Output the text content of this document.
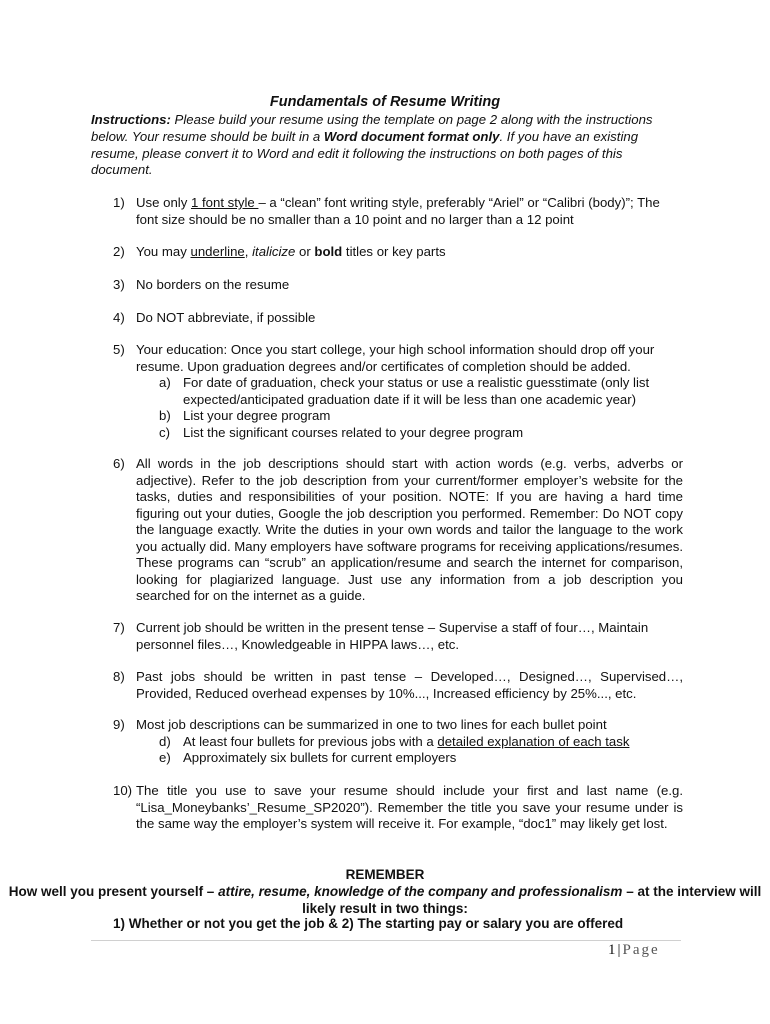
Fundamentals of Resume Writing
Instructions: Please build your resume using the template on page 2 along with the instructions below. Your resume should be built in a Word document format only. If you have an existing resume, please convert it to Word and edit it following the instructions on both pages of this document.
1) Use only 1 font style – a “clean” font writing style, preferably “Ariel” or “Calibri (body)”; The font size should be no smaller than a 10 point and no larger than a 12 point
2) You may underline, italicize or bold titles or key parts
3) No borders on the resume
4) Do NOT abbreviate, if possible
5) Your education: Once you start college, your high school information should drop off your resume. Upon graduation degrees and/or certificates of completion should be added.
a) For date of graduation, check your status or use a realistic guesstimate (only list expected/anticipated graduation date if it will be less than one academic year)
b) List your degree program
c) List the significant courses related to your degree program
6) All words in the job descriptions should start with action words (e.g. verbs, adverbs or adjective). Refer to the job description from your current/former employer’s website for the tasks, duties and responsibilities of your position. NOTE: If you are having a hard time figuring out your duties, Google the job description you performed. Remember: Do NOT copy the language exactly. Write the duties in your own words and tailor the language to the work you actually did. Many employers have software programs for receiving applications/resumes. These programs can “scrub” an application/resume and search the internet for comparison, looking for plagiarized language. Just use any information from a job description you searched for on the internet as a guide.
7) Current job should be written in the present tense – Supervise a staff of four…, Maintain personnel files…, Knowledgeable in HIPPA laws…, etc.
8) Past jobs should be written in past tense – Developed…, Designed…, Supervised…, Provided, Reduced overhead expenses by 10%..., Increased efficiency by 25%..., etc.
9) Most job descriptions can be summarized in one to two lines for each bullet point
d) At least four bullets for previous jobs with a detailed explanation of each task
e) Approximately six bullets for current employers
10) The title you use to save your resume should include your first and last name (e.g. “Lisa_Moneybanks’_Resume_SP2020”). Remember the title you save your resume under is the same way the employer’s system will receive it. For example, “doc1” may likely get lost.
REMEMBER
How well you present yourself – attire, resume, knowledge of the company and professionalism – at the interview will likely result in two things:
1) Whether or not you get the job & 2) The starting pay or salary you are offered
1 | Page
